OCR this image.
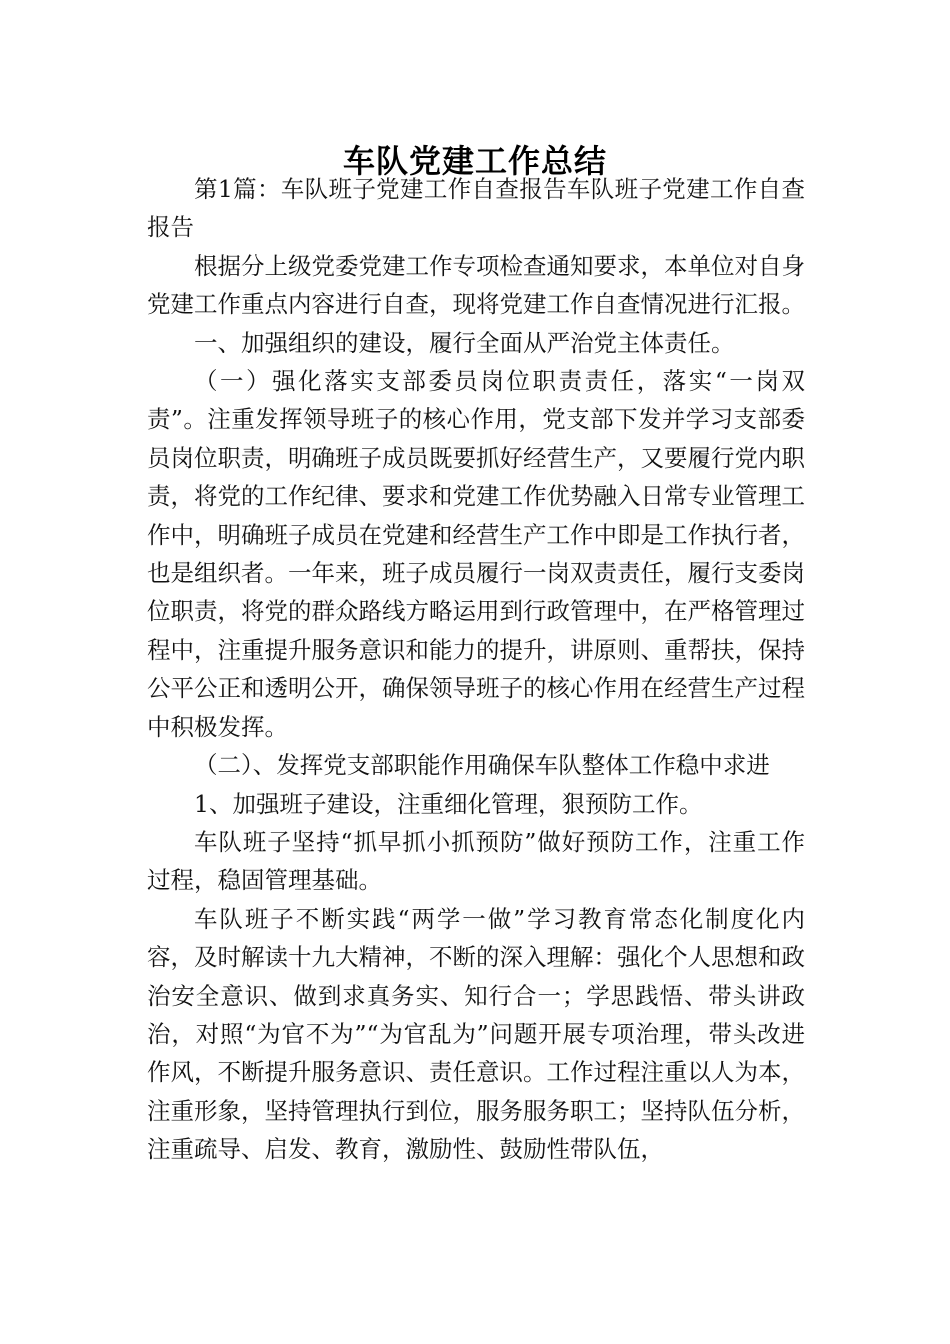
车队党建工作总结

第1篇：车队班子党建工作自查报告车队班子党建工作自查报告

根据分上级党委党建工作专项检查通知要求，本单位对自身党建工作重点内容进行自查，现将党建工作自查情况进行汇报。

一、加强组织的建设，履行全面从严治党主体责任。

（一）强化落实支部委员岗位职责责任，落实“一岗双责”。注重发挥领导班子的核心作用，党支部下发并学习支部委员岗位职责，明确班子成员既要抓好经营生产，又要履行党内职责，将党的工作纪律、要求和党建工作优势融入日常专业管理工作中，明确班子成员在党建和经营生产工作中即是工作执行者，也是组织者。一年来，班子成员履行一岗双责责任，履行支委岗位职责，将党的群众路线方略运用到行政管理中，在严格管理过程中，注重提升服务意识和能力的提升，讲原则、重帮扶，保持公平公正和透明公开，确保领导班子的核心作用在经营生产过程中积极发挥。

（二）、发挥党支部职能作用确保车队整体工作稳中求进

1、加强班子建设，注重细化管理，狠预防工作。

车队班子坚持“抓早抓小抓预防”做好预防工作，注重工作过程，稳固管理基础。

车队班子不断实践“两学一做”学习教育常态化制度化内容，及时解读十九大精神，不断的深入理解：强化个人思想和政治安全意识、做到求真务实、知行合一；学思践悟、带头讲政治，对照“为官不为”“为官乱为”问题开展专项治理，带头改进作风，不断提升服务意识、责任意识。工作过程注重以人为本，注重形象，坚持管理执行到位，服务服务职工；坚持队伍分析，注重疏导、启发、教育，激励性、鼓励性带队伍，
